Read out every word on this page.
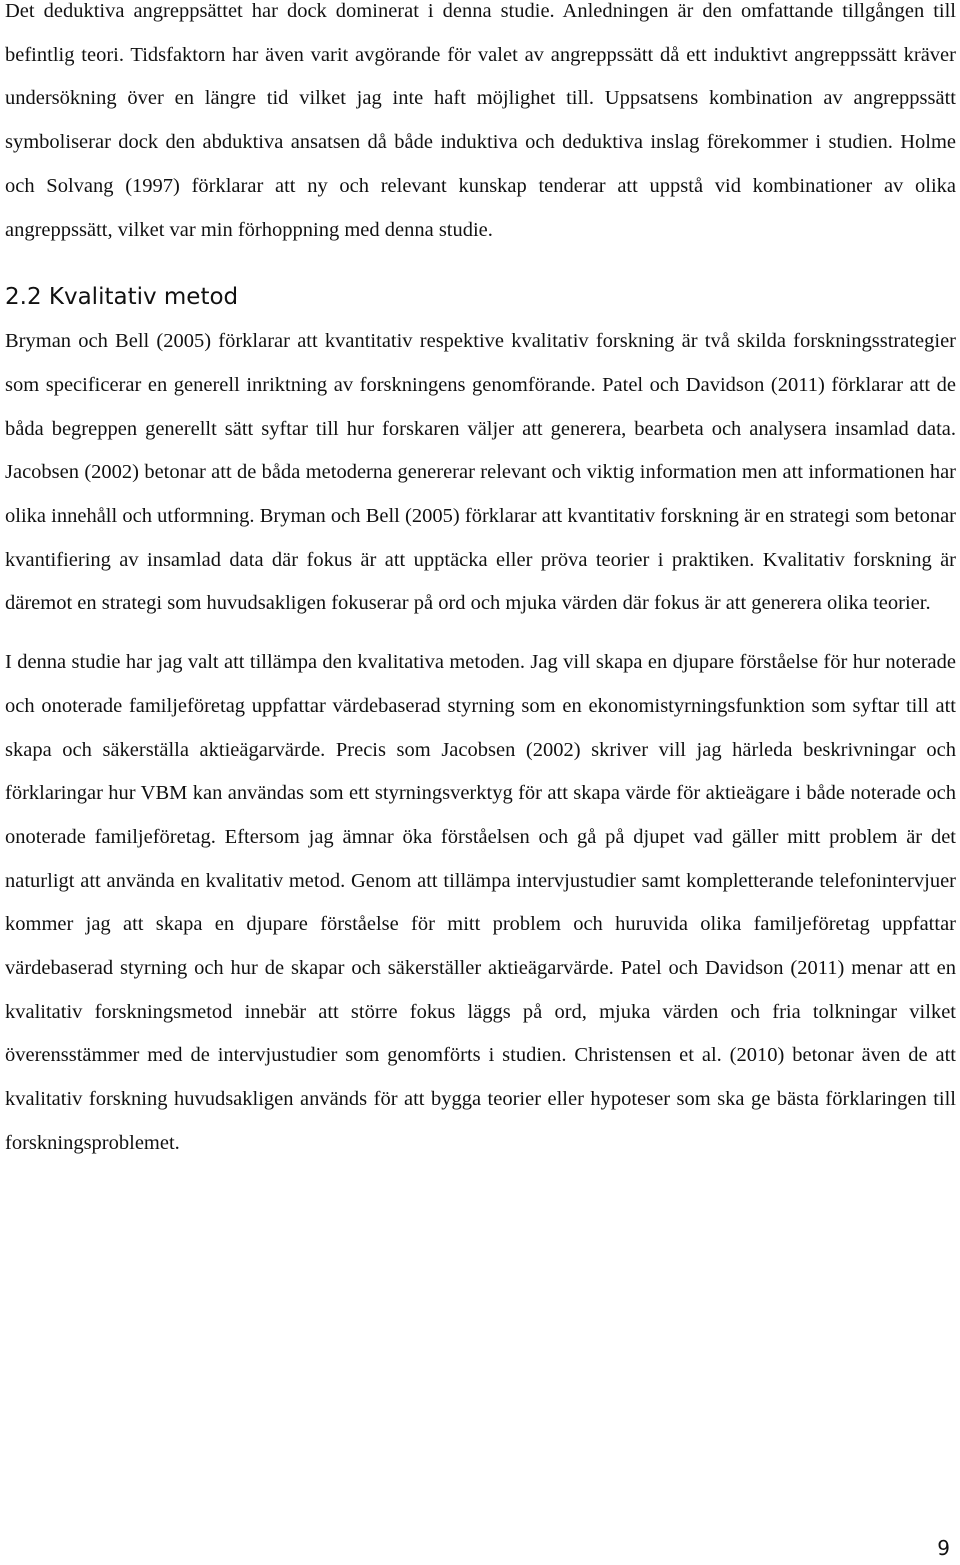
Det deduktiva angreppsättet har dock dominerat i denna studie. Anledningen är den omfattande tillgången till befintlig teori. Tidsfaktorn har även varit avgörande för valet av angreppssätt då ett induktivt angreppssätt kräver undersökning över en längre tid vilket jag inte haft möjlighet till. Uppsatsens kombination av angreppssätt symboliserar dock den abduktiva ansatsen då både induktiva och deduktiva inslag förekommer i studien. Holme och Solvang (1997) förklarar att ny och relevant kunskap tenderar att uppstå vid kombinationer av olika angreppssätt, vilket var min förhoppning med denna studie.

2.2 Kvalitativ metod

Bryman och Bell (2005) förklarar att kvantitativ respektive kvalitativ forskning är två skilda forskningsstrategier som specificerar en generell inriktning av forskningens genomförande. Patel och Davidson (2011) förklarar att de båda begreppen generellt sätt syftar till hur forskaren väljer att generera, bearbeta och analysera insamlad data. Jacobsen (2002) betonar att de båda metoderna genererar relevant och viktig information men att informationen har olika innehåll och utformning. Bryman och Bell (2005) förklarar att kvantitativ forskning är en strategi som betonar kvantifiering av insamlad data där fokus är att upptäcka eller pröva teorier i praktiken. Kvalitativ forskning är däremot en strategi som huvudsakligen fokuserar på ord och mjuka värden där fokus är att generera olika teorier.

I denna studie har jag valt att tillämpa den kvalitativa metoden. Jag vill skapa en djupare förståelse för hur noterade och onoterade familjeföretag uppfattar värdebaserad styrning som en ekonomistyrningsfunktion som syftar till att skapa och säkerställa aktieägarvärde. Precis som Jacobsen (2002) skriver vill jag härleda beskrivningar och förklaringar hur VBM kan användas som ett styrningsverktyg för att skapa värde för aktieägare i både noterade och onoterade familjeföretag. Eftersom jag ämnar öka förståelsen och gå på djupet vad gäller mitt problem är det naturligt att använda en kvalitativ metod. Genom att tillämpa intervjustudier samt kompletterande telefonintervjuer kommer jag att skapa en djupare förståelse för mitt problem och huruvida olika familjeföretag uppfattar värdebaserad styrning och hur de skapar och säkerställer aktieägarvärde. Patel och Davidson (2011) menar att en kvalitativ forskningsmetod innebär att större fokus läggs på ord, mjuka värden och fria tolkningar vilket överensstämmer med de intervjustudier som genomförts i studien. Christensen et al. (2010) betonar även de att kvalitativ forskning huvudsakligen används för att bygga teorier eller hypoteser som ska ge bästa förklaringen till forskningsproblemet.

9
